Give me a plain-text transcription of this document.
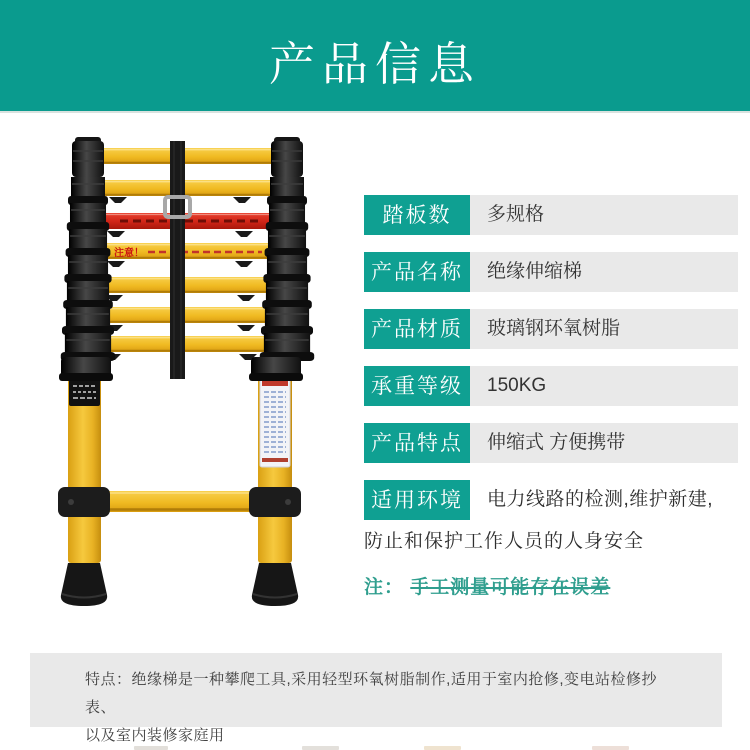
产品信息
注意！
踏板数	多规格
产品名称	绝缘伸缩梯
产品材质	玻璃钢环氧树脂
承重等级	150KG
产品特点	伸缩式 方便携带
适用环境	电力线路的检测,维护新建,
防止和保护工作人员的人身安全
注： 手工测量可能存在误差
特点：绝缘梯是一种攀爬工具,采用轻型环氧树脂制作,适用于室内抢修,变电站检修抄表、
以及室内装修家庭用
